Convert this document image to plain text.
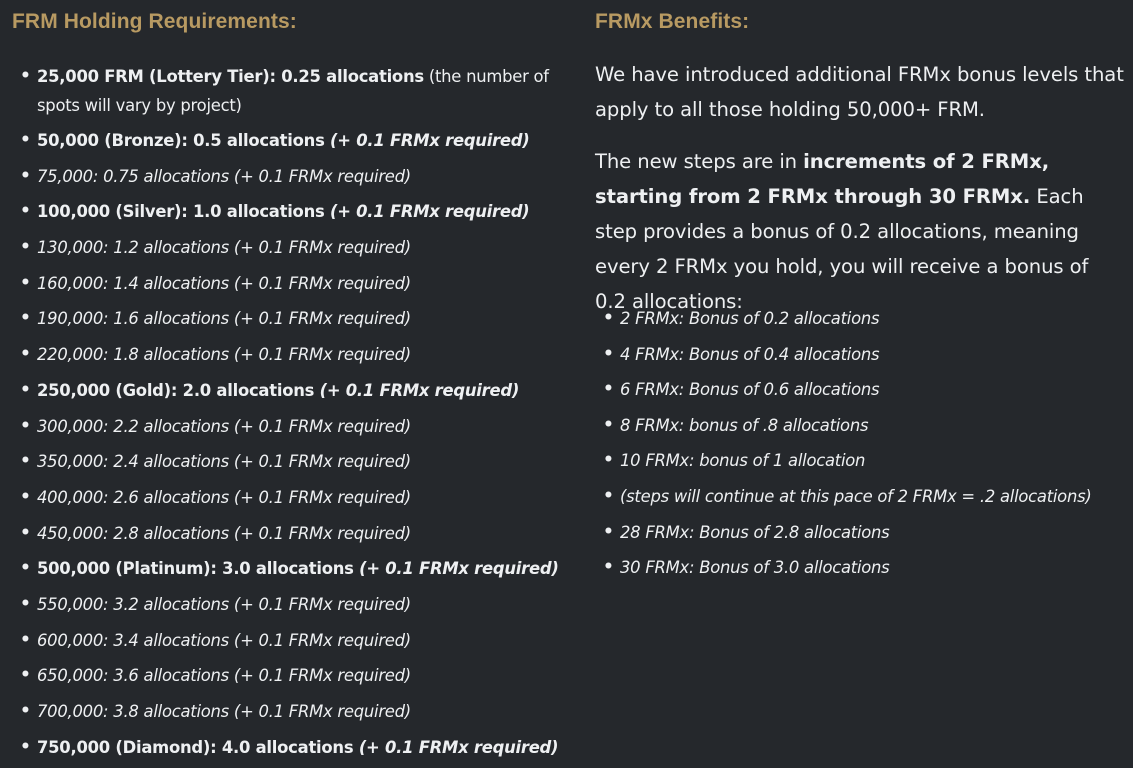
FRM Holding Requirements:
• 25,000 FRM (Lottery Tier): 0.25 allocations (the number of spots will vary by project)
• 50,000 (Bronze): 0.5 allocations (+ 0.1 FRMx required)
• 75,000: 0.75 allocations (+ 0.1 FRMx required)
• 100,000 (Silver): 1.0 allocations (+ 0.1 FRMx required)
• 130,000: 1.2 allocations (+ 0.1 FRMx required)
• 160,000: 1.4 allocations (+ 0.1 FRMx required)
• 190,000: 1.6 allocations (+ 0.1 FRMx required)
• 220,000: 1.8 allocations (+ 0.1 FRMx required)
• 250,000 (Gold): 2.0 allocations (+ 0.1 FRMx required)
• 300,000: 2.2 allocations (+ 0.1 FRMx required)
• 350,000: 2.4 allocations (+ 0.1 FRMx required)
• 400,000: 2.6 allocations (+ 0.1 FRMx required)
• 450,000: 2.8 allocations (+ 0.1 FRMx required)
• 500,000 (Platinum): 3.0 allocations (+ 0.1 FRMx required)
• 550,000: 3.2 allocations (+ 0.1 FRMx required)
• 600,000: 3.4 allocations (+ 0.1 FRMx required)
• 650,000: 3.6 allocations (+ 0.1 FRMx required)
• 700,000: 3.8 allocations (+ 0.1 FRMx required)
• 750,000 (Diamond): 4.0 allocations (+ 0.1 FRMx required)
FRMx Benefits:

We have introduced additional FRMx bonus levels that apply to all those holding 50,000+ FRM.

The new steps are in increments of 2 FRMx, starting from 2 FRMx through 30 FRMx. Each step provides a bonus of 0.2 allocations, meaning every 2 FRMx you hold, you will receive a bonus of 0.2 allocations:

• 2 FRMx: Bonus of 0.2 allocations
• 4 FRMx: Bonus of 0.4 allocations
• 6 FRMx: Bonus of 0.6 allocations
• 8 FRMx: bonus of .8 allocations
• 10 FRMx: bonus of 1 allocation
• (steps will continue at this pace of 2 FRMx = .2 allocations)
• 28 FRMx: Bonus of 2.8 allocations
• 30 FRMx: Bonus of 3.0 allocations
